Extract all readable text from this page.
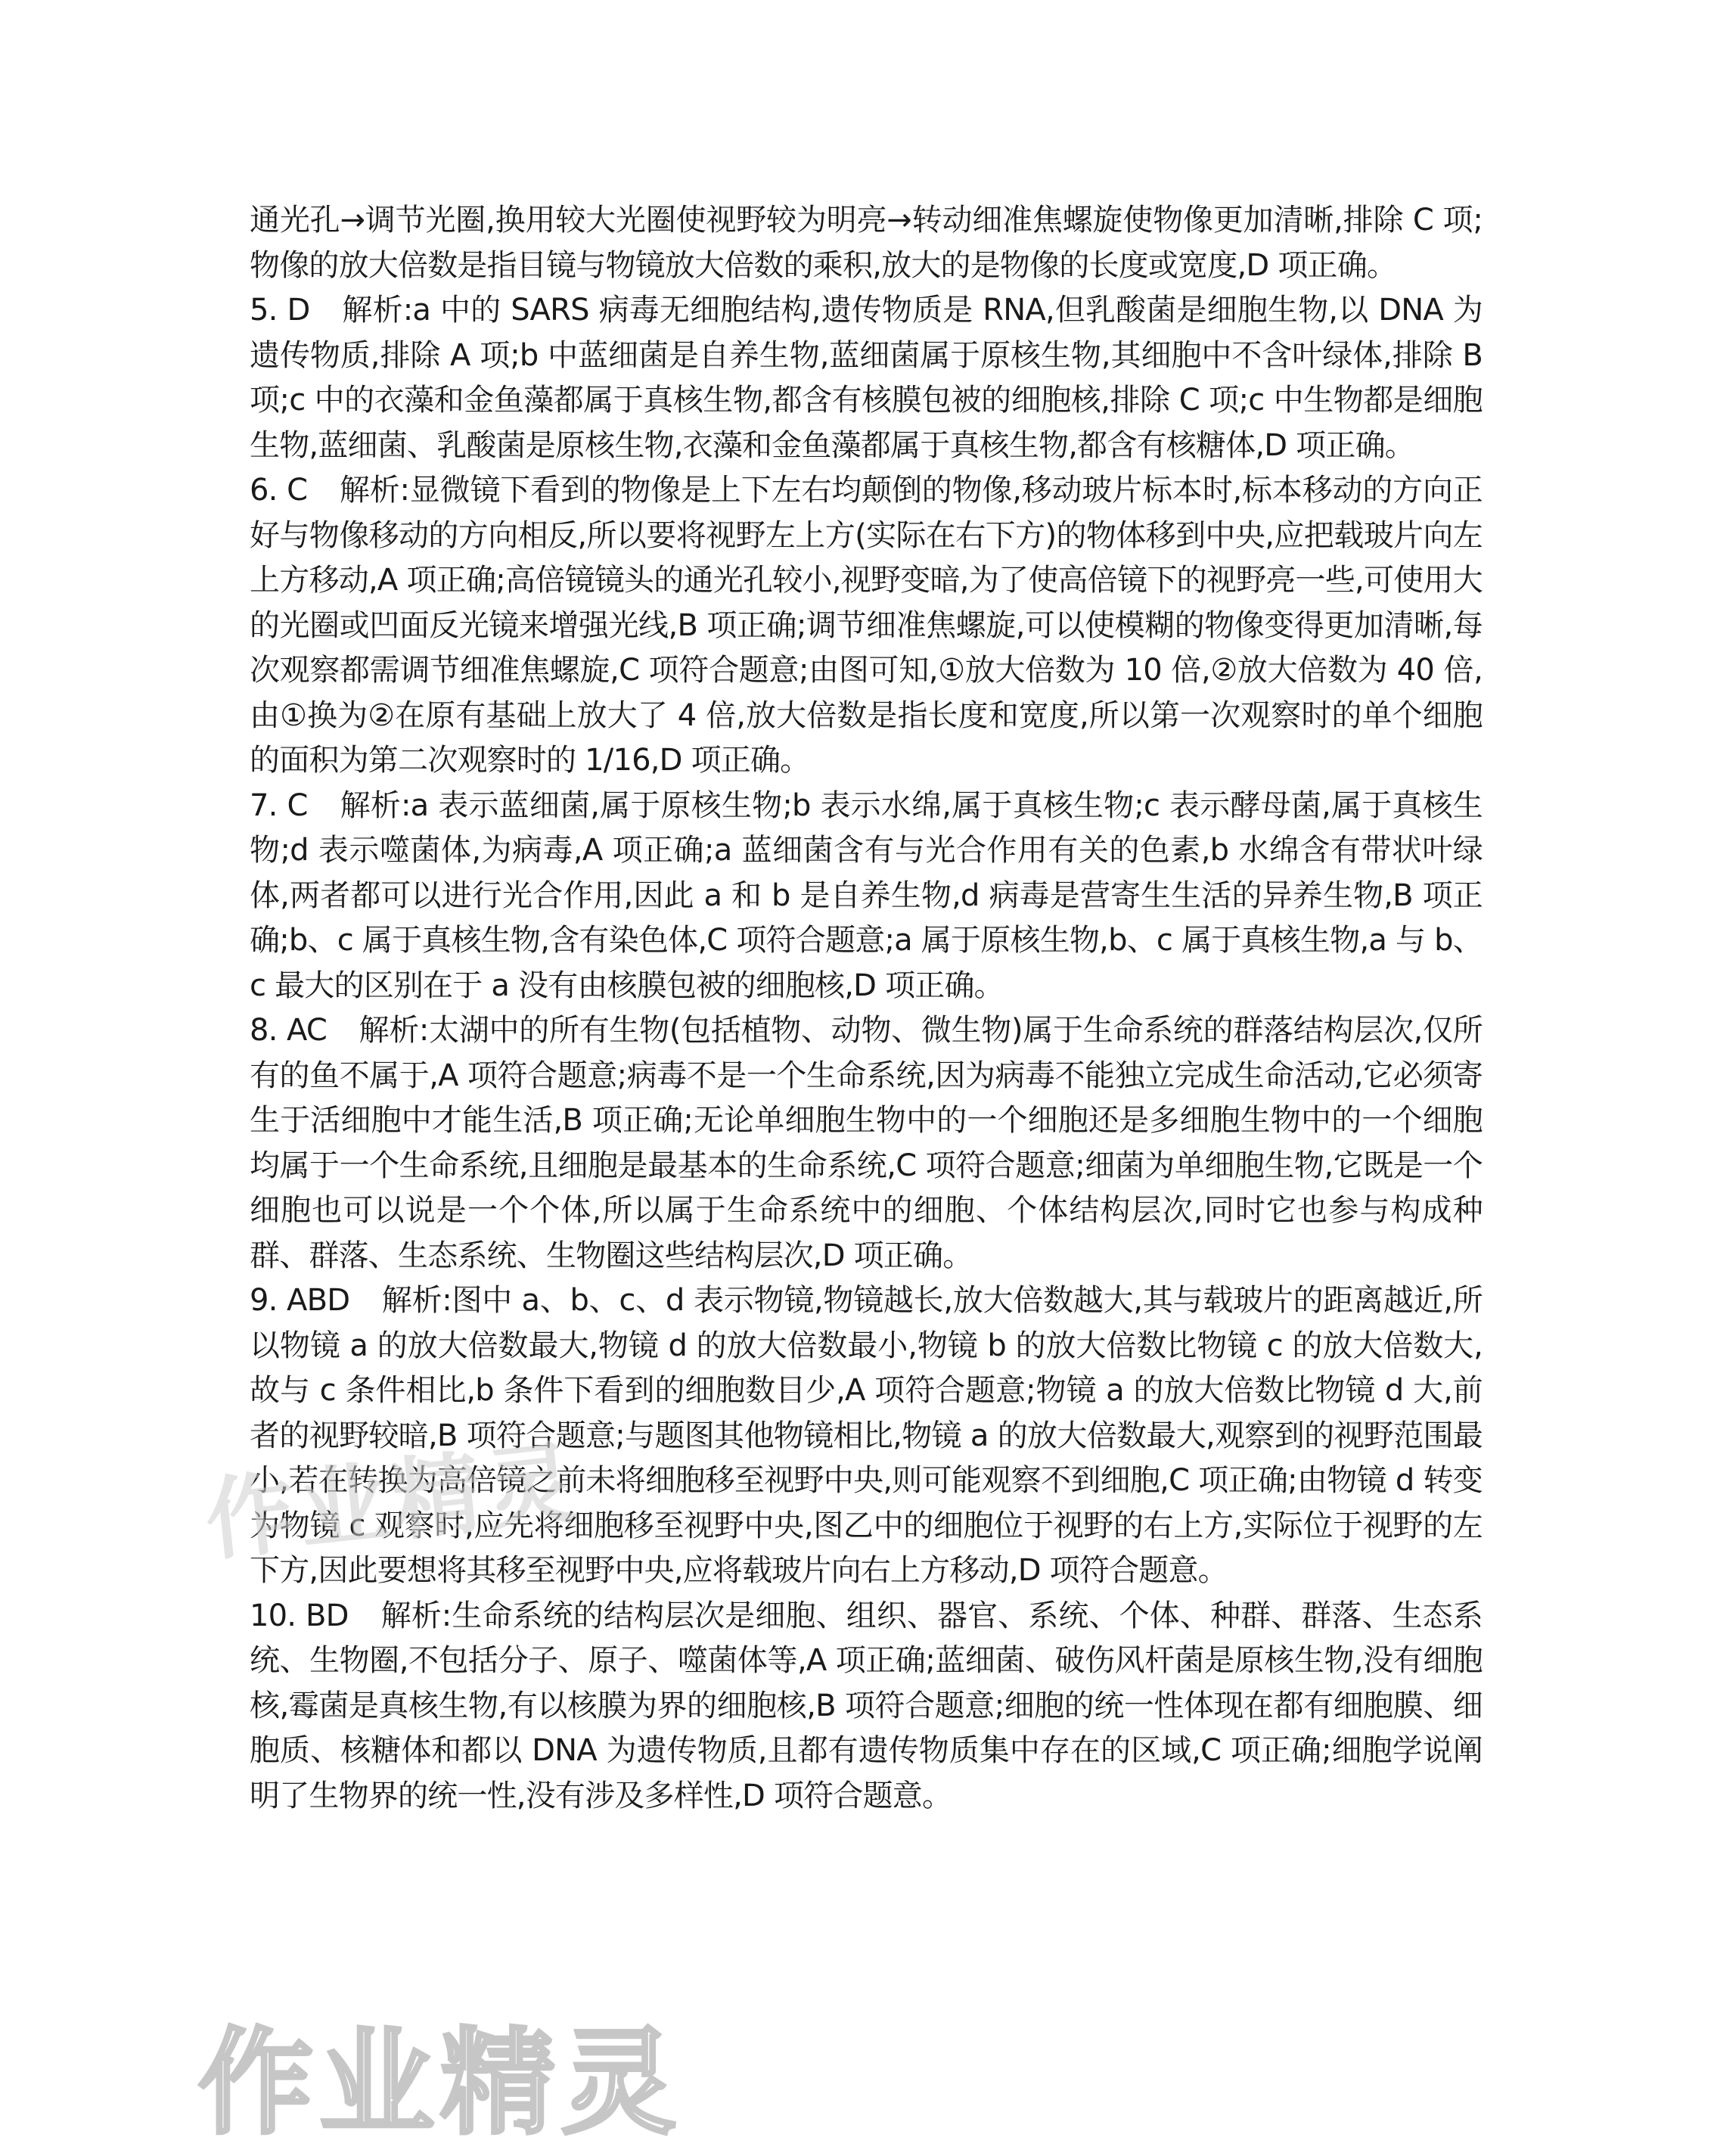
通光孔→调节光圈,换用较大光圈使视野较为明亮→转动细准焦螺旋使物像更加清晰,排除 C 项;物像的放大倍数是指目镜与物镜放大倍数的乘积,放大的是物像的长度或宽度,D 项正确。

5. D 解析:a 中的 SARS 病毒无细胞结构,遗传物质是 RNA,但乳酸菌是细胞生物,以 DNA 为遗传物质,排除 A 项;b 中蓝细菌是自养生物,蓝细菌属于原核生物,其细胞中不含叶绿体,排除 B 项;c 中的衣藻和金鱼藻都属于真核生物,都含有核膜包被的细胞核,排除 C 项;c 中生物都是细胞生物,蓝细菌、乳酸菌是原核生物,衣藻和金鱼藻都属于真核生物,都含有核糖体,D 项正确。

6. C 解析:显微镜下看到的物像是上下左右均颠倒的物像,移动玻片标本时,标本移动的方向正好与物像移动的方向相反,所以要将视野左上方(实际在右下方)的物体移到中央,应把载玻片向左上方移动,A 项正确;高倍镜镜头的通光孔较小,视野变暗,为了使高倍镜下的视野亮一些,可使用大的光圈或凹面反光镜来增强光线,B 项正确;调节细准焦螺旋,可以使模糊的物像变得更加清晰,每次观察都需调节细准焦螺旋,C 项符合题意;由图可知,①放大倍数为 10 倍,②放大倍数为 40 倍,由①换为②在原有基础上放大了 4 倍,放大倍数是指长度和宽度,所以第一次观察时的单个细胞的面积为第二次观察时的 1/16,D 项正确。

7. C 解析:a 表示蓝细菌,属于原核生物;b 表示水绵,属于真核生物;c 表示酵母菌,属于真核生物;d 表示噬菌体,为病毒,A 项正确;a 蓝细菌含有与光合作用有关的色素,b 水绵含有带状叶绿体,两者都可以进行光合作用,因此 a 和 b 是自养生物,d 病毒是营寄生生活的异养生物,B 项正确;b、c 属于真核生物,含有染色体,C 项符合题意;a 属于原核生物,b、c 属于真核生物,a 与 b、c 最大的区别在于 a 没有由核膜包被的细胞核,D 项正确。

8. AC 解析:太湖中的所有生物(包括植物、动物、微生物)属于生命系统的群落结构层次,仅所有的鱼不属于,A 项符合题意;病毒不是一个生命系统,因为病毒不能独立完成生命活动,它必须寄生于活细胞中才能生活,B 项正确;无论单细胞生物中的一个细胞还是多细胞生物中的一个细胞均属于一个生命系统,且细胞是最基本的生命系统,C 项符合题意;细菌为单细胞生物,它既是一个细胞也可以说是一个个体,所以属于生命系统中的细胞、个体结构层次,同时它也参与构成种群、群落、生态系统、生物圈这些结构层次,D 项正确。

9. ABD 解析:图中 a、b、c、d 表示物镜,物镜越长,放大倍数越大,其与载玻片的距离越近,所以物镜 a 的放大倍数最大,物镜 d 的放大倍数最小,物镜 b 的放大倍数比物镜 c 的放大倍数大,故与 c 条件相比,b 条件下看到的细胞数目少,A 项符合题意;物镜 a 的放大倍数比物镜 d 大,前者的视野较暗,B 项符合题意;与题图其他物镜相比,物镜 a 的放大倍数最大,观察到的视野范围最小,若在转换为高倍镜之前未将细胞移至视野中央,则可能观察不到细胞,C 项正确;由物镜 d 转变为物镜 c 观察时,应先将细胞移至视野中央,图乙中的细胞位于视野的右上方,实际位于视野的左下方,因此要想将其移至视野中央,应将载玻片向右上方移动,D 项符合题意。

10. BD 解析:生命系统的结构层次是细胞、组织、器官、系统、个体、种群、群落、生态系统、生物圈,不包括分子、原子、噬菌体等,A 项正确;蓝细菌、破伤风杆菌是原核生物,没有细胞核,霉菌是真核生物,有以核膜为界的细胞核,B 项符合题意;细胞的统一性体现在都有细胞膜、细胞质、核糖体和都以 DNA 为遗传物质,且都有遗传物质集中存在的区域,C 项正确;细胞学说阐明了生物界的统一性,没有涉及多样性,D 项符合题意。

作业精灵
作业精灵
